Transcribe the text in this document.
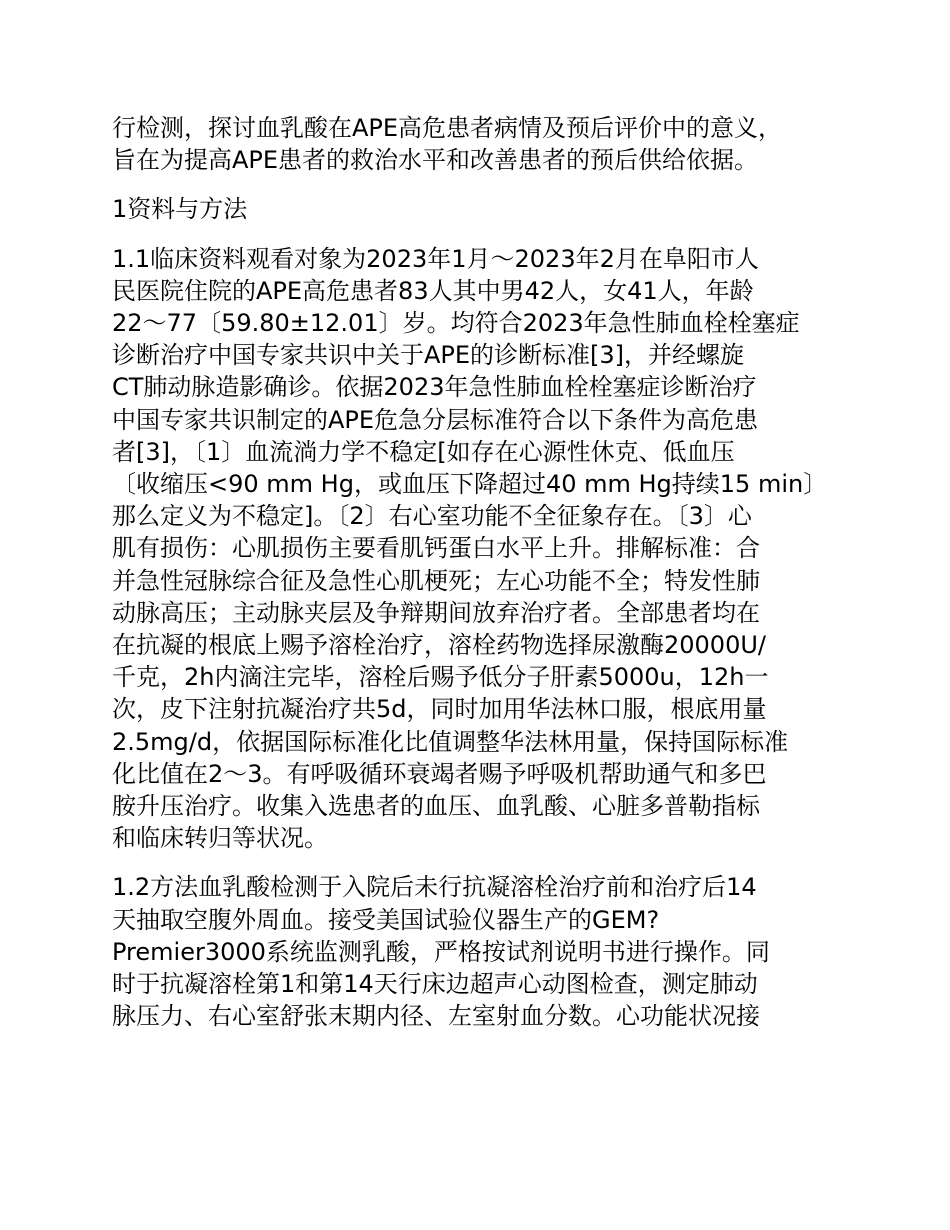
行检测，探讨血乳酸在APE高危患者病情及预后评价中的意义，
旨在为提高APE患者的救治水平和改善患者的预后供给依据。

1资料与方法

1.1临床资料观看对象为2023年1月～2023年2月在阜阳市人
民医院住院的APE高危患者83人其中男42人，女41人，年龄
22～77〔59.80±12.01〕岁。均符合2023年急性肺血栓栓塞症
诊断治疗中国专家共识中关于APE的诊断标准[3]，并经螺旋
CT肺动脉造影确诊。依据2023年急性肺血栓栓塞症诊断治疗
中国专家共识制定的APE危急分层标准符合以下条件为高危患
者[3]，〔1〕血流淌力学不稳定[如存在心源性休克、低血压
〔收缩压<90 mm Hg，或血压下降超过40 mm Hg持续15 min〕
那么定义为不稳定]。〔2〕右心室功能不全征象存在。〔3〕心
肌有损伤：心肌损伤主要看肌钙蛋白水平上升。排解标准：合
并急性冠脉综合征及急性心肌梗死；左心功能不全；特发性肺
动脉高压；主动脉夹层及争辩期间放弃治疗者。全部患者均在
在抗凝的根底上赐予溶栓治疗，溶栓药物选择尿激酶20000U/
千克，2h内滴注完毕，溶栓后赐予低分子肝素5000u，12h一
次，皮下注射抗凝治疗共5d，同时加用华法林口服，根底用量
2.5mg/d，依据国际标准化比值调整华法林用量，保持国际标准
化比值在2～3。有呼吸循环衰竭者赐予呼吸机帮助通气和多巴
胺升压治疗。收集入选患者的血压、血乳酸、心脏多普勒指标
和临床转归等状况。

1.2方法血乳酸检测于入院后未行抗凝溶栓治疗前和治疗后14
天抽取空腹外周血。接受美国试验仪器生产的GEM?
Premier3000系统监测乳酸，严格按试剂说明书进行操作。同
时于抗凝溶栓第1和第14天行床边超声心动图检查，测定肺动
脉压力、右心室舒张末期内径、左室射血分数。心功能状况接
